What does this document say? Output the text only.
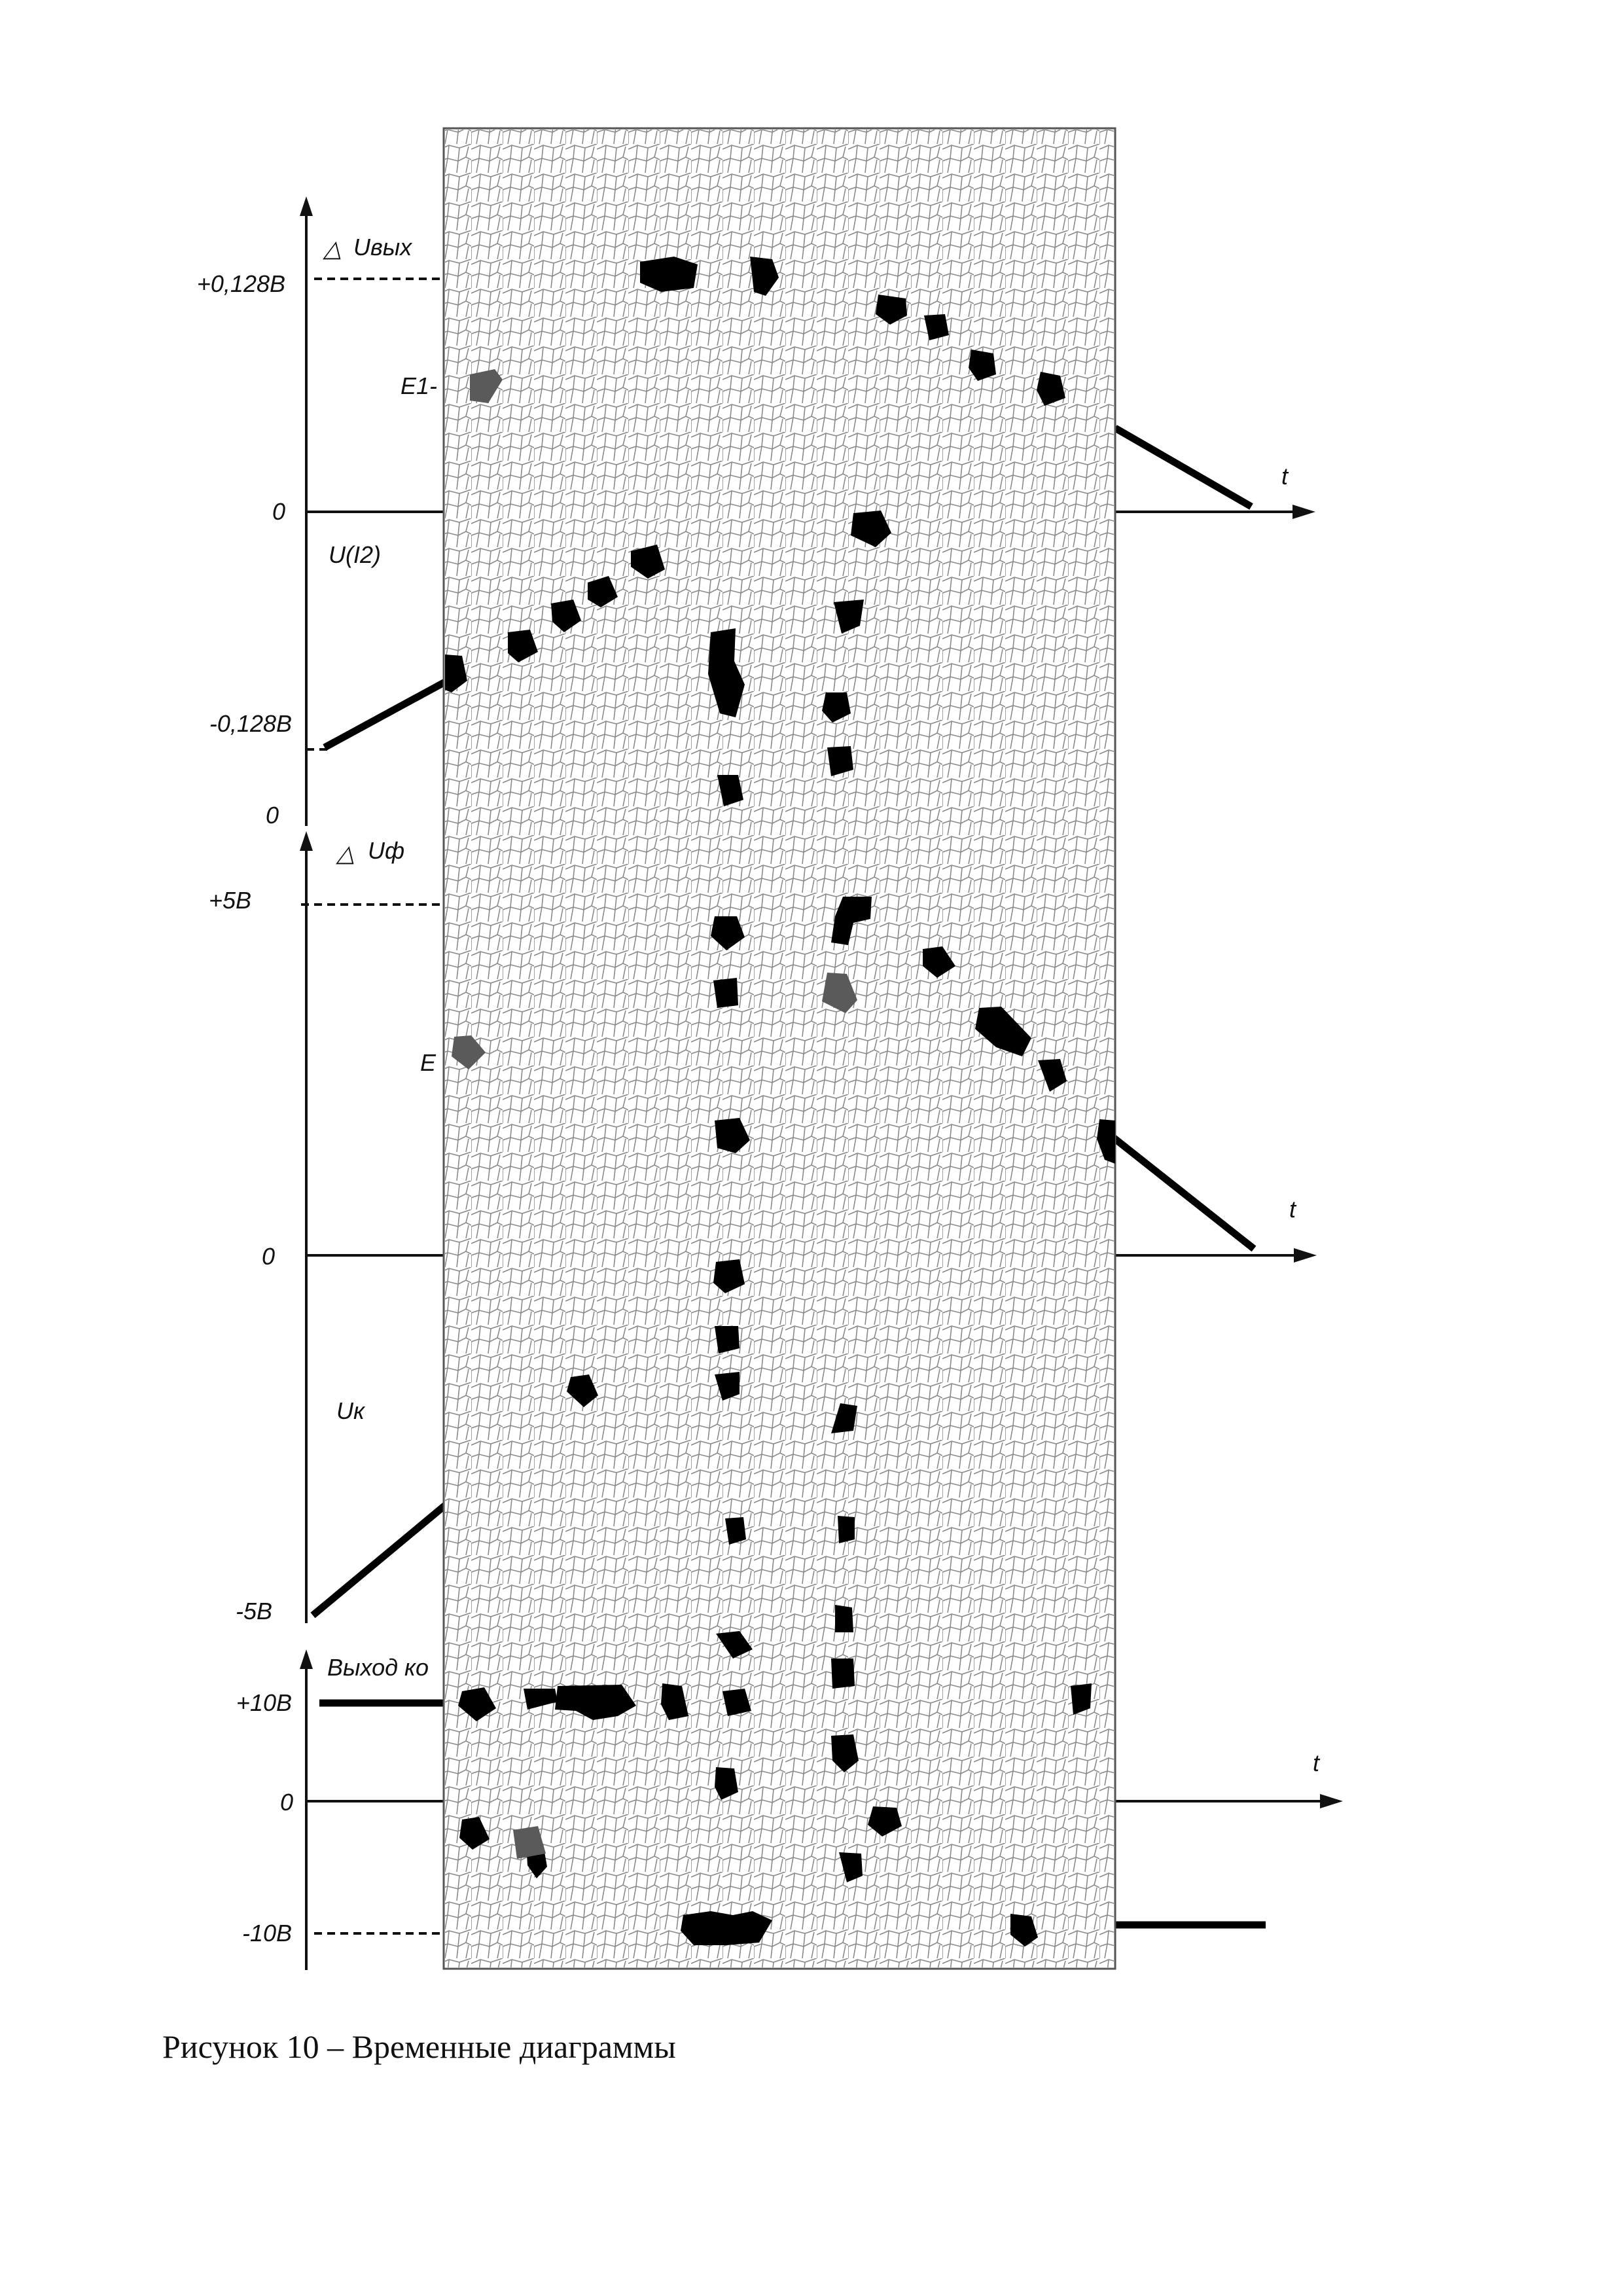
△ Uвых
+0,128В
0
-0,128В
U(I2)
E1-
t
0
△ Uф
+5В
0
-5В
Uк
E
t
Выход ко
+10В
0
-10В
t
Рисунок 10 – Временные диаграммы
